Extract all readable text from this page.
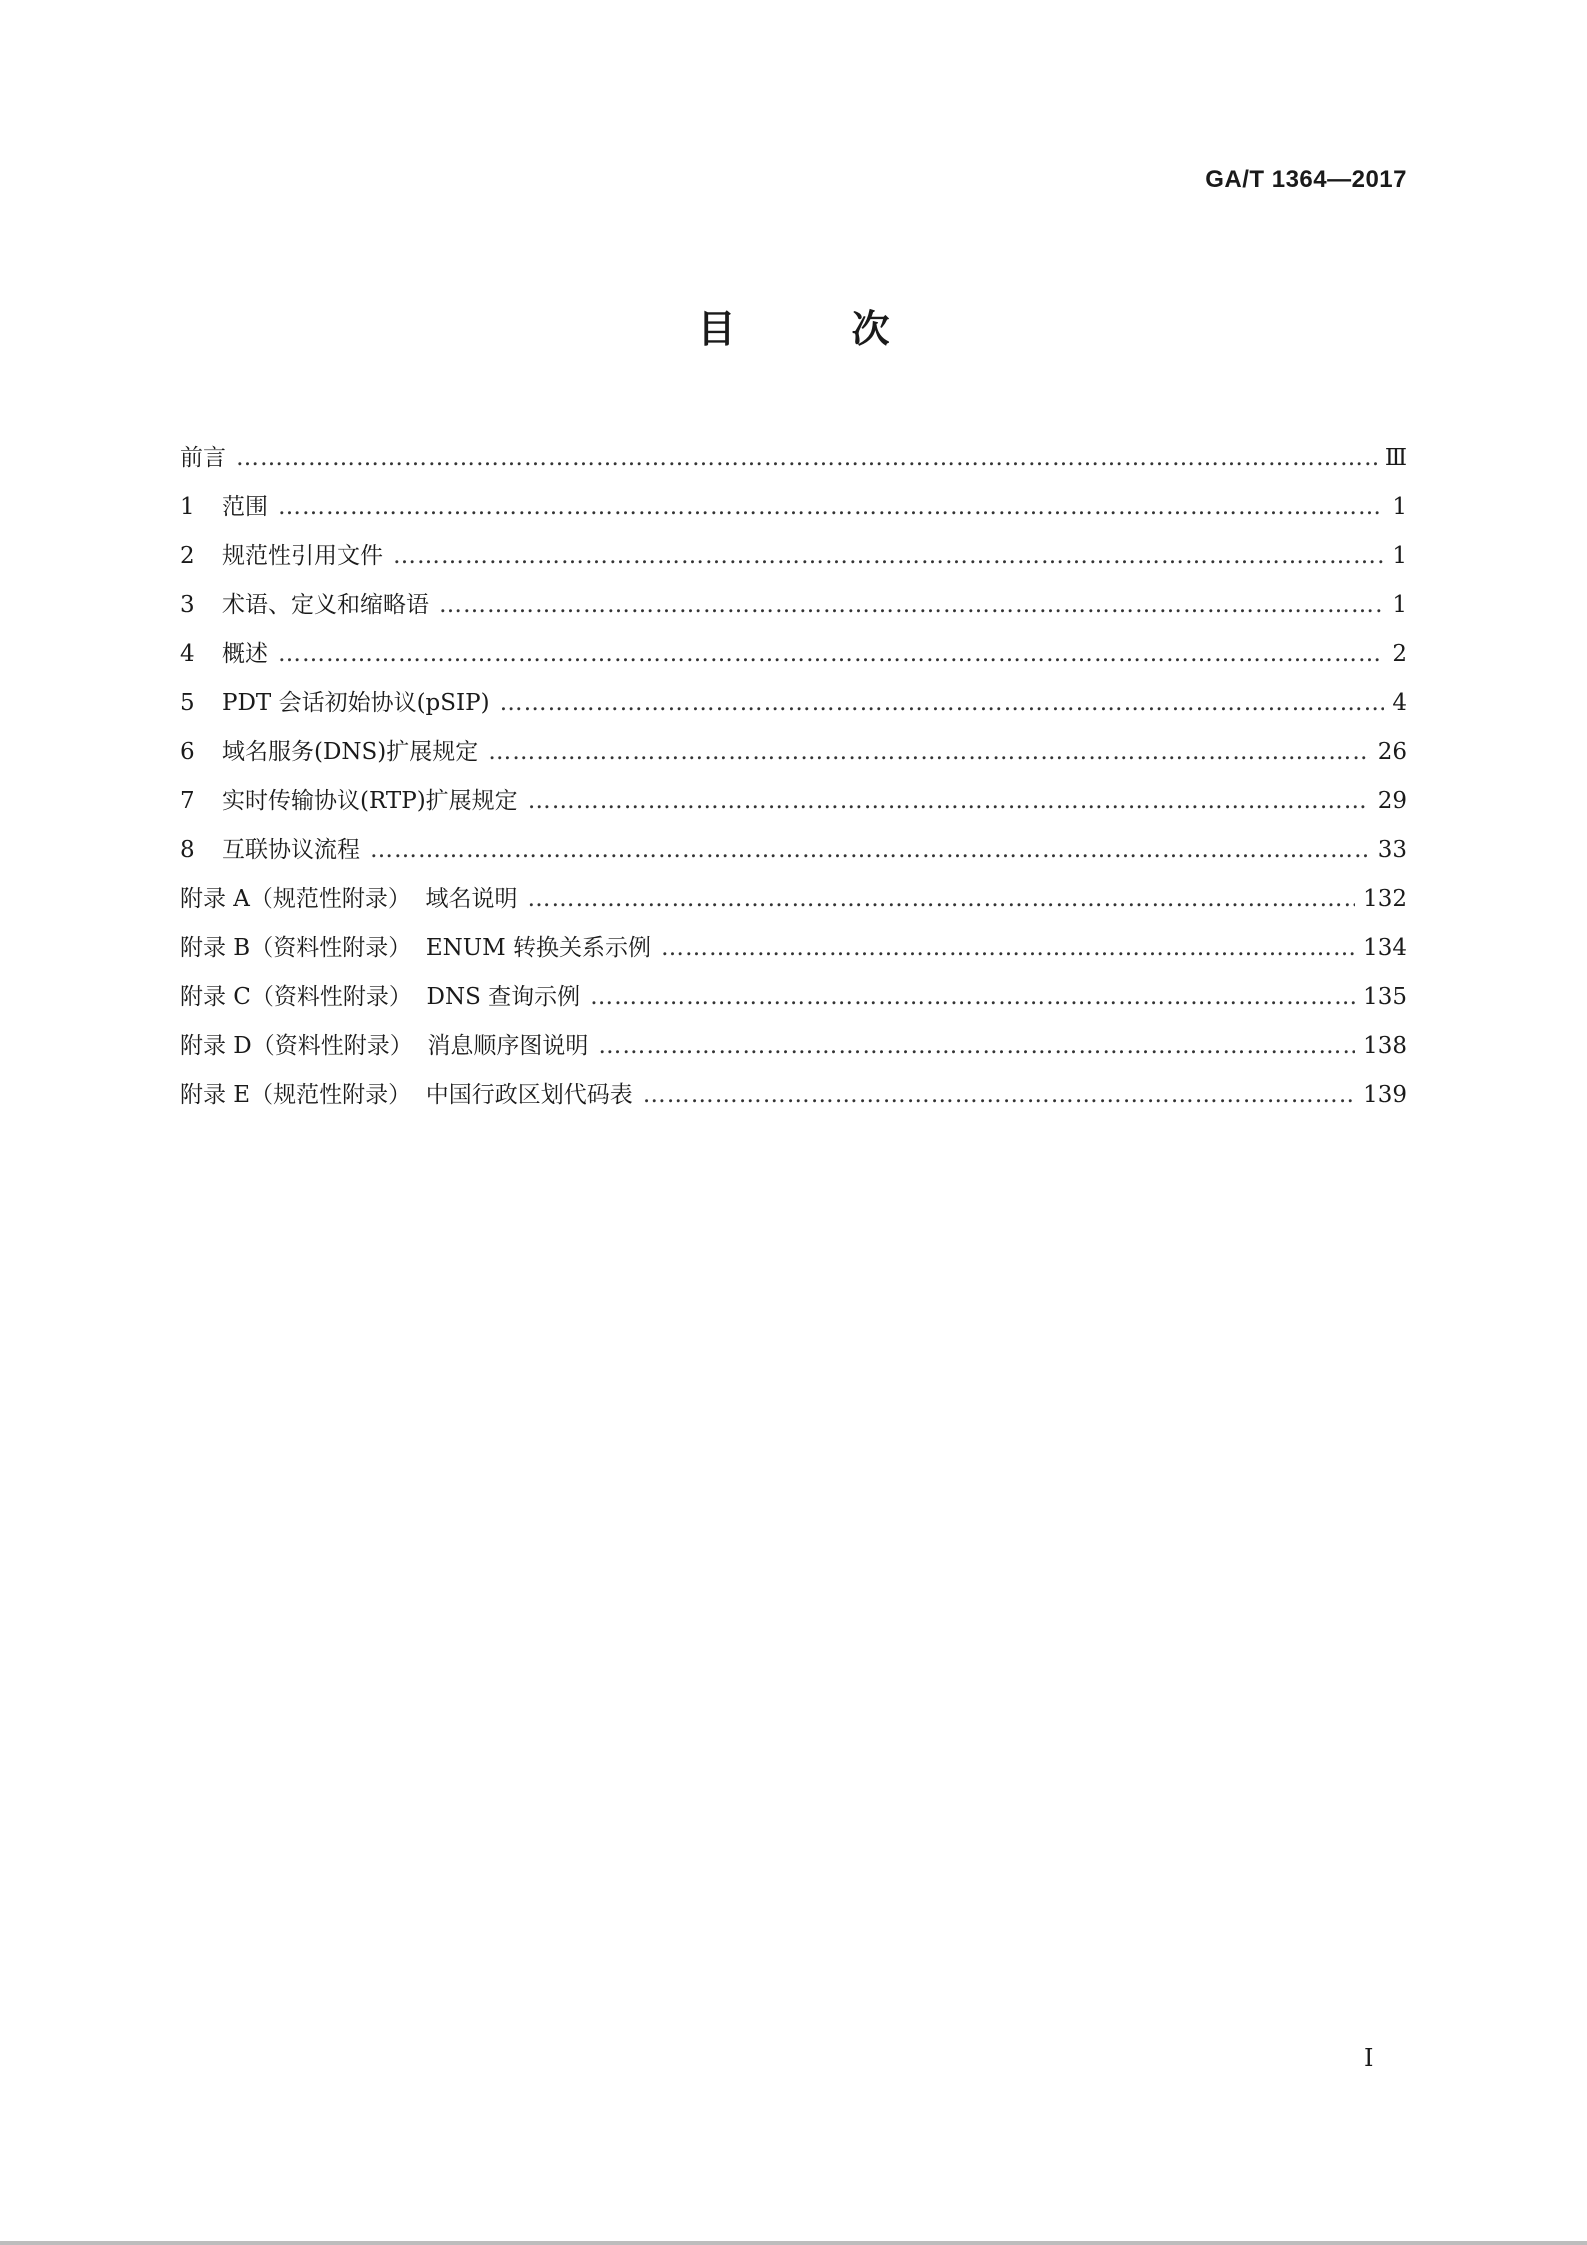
GA/T 1364—2017
目	次
前言 ……………………………………………………………………………………………………………………………………………………………………………………………………………………	Ⅲ
1	范围 ……………………………………………………………………………………………………………………………………………………………………………………………………………………	1
2	规范性引用文件 ……………………………………………………………………………………………………………………………………………………………………………………………………………………	1
3	术语、定义和缩略语 ……………………………………………………………………………………………………………………………………………………………………………………………………………………	1
4	概述 ……………………………………………………………………………………………………………………………………………………………………………………………………………………	2
5	PDT 会话初始协议(pSIP) ……………………………………………………………………………………………………………………………………………………………………………………………………………………	4
6	域名服务(DNS)扩展规定 ……………………………………………………………………………………………………………………………………………………………………………………………………………………	26
7	实时传输协议(RTP)扩展规定 ……………………………………………………………………………………………………………………………………………………………………………………………………………………	29
8	互联协议流程 ……………………………………………………………………………………………………………………………………………………………………………………………………………………	33
附录 A（规范性附录）  域名说明 ……………………………………………………………………………………………………………………………………………………………………………………………………………………	132
附录 B（资料性附录）  ENUM 转换关系示例 ……………………………………………………………………………………………………………………………………………………………………………………………………………………	134
附录 C（资料性附录）  DNS 查询示例 ……………………………………………………………………………………………………………………………………………………………………………………………………………………	135
附录 D（资料性附录）  消息顺序图说明 ……………………………………………………………………………………………………………………………………………………………………………………………………………………	138
附录 E（规范性附录）  中国行政区划代码表 ……………………………………………………………………………………………………………………………………………………………………………………………………………………	139
Ⅰ
